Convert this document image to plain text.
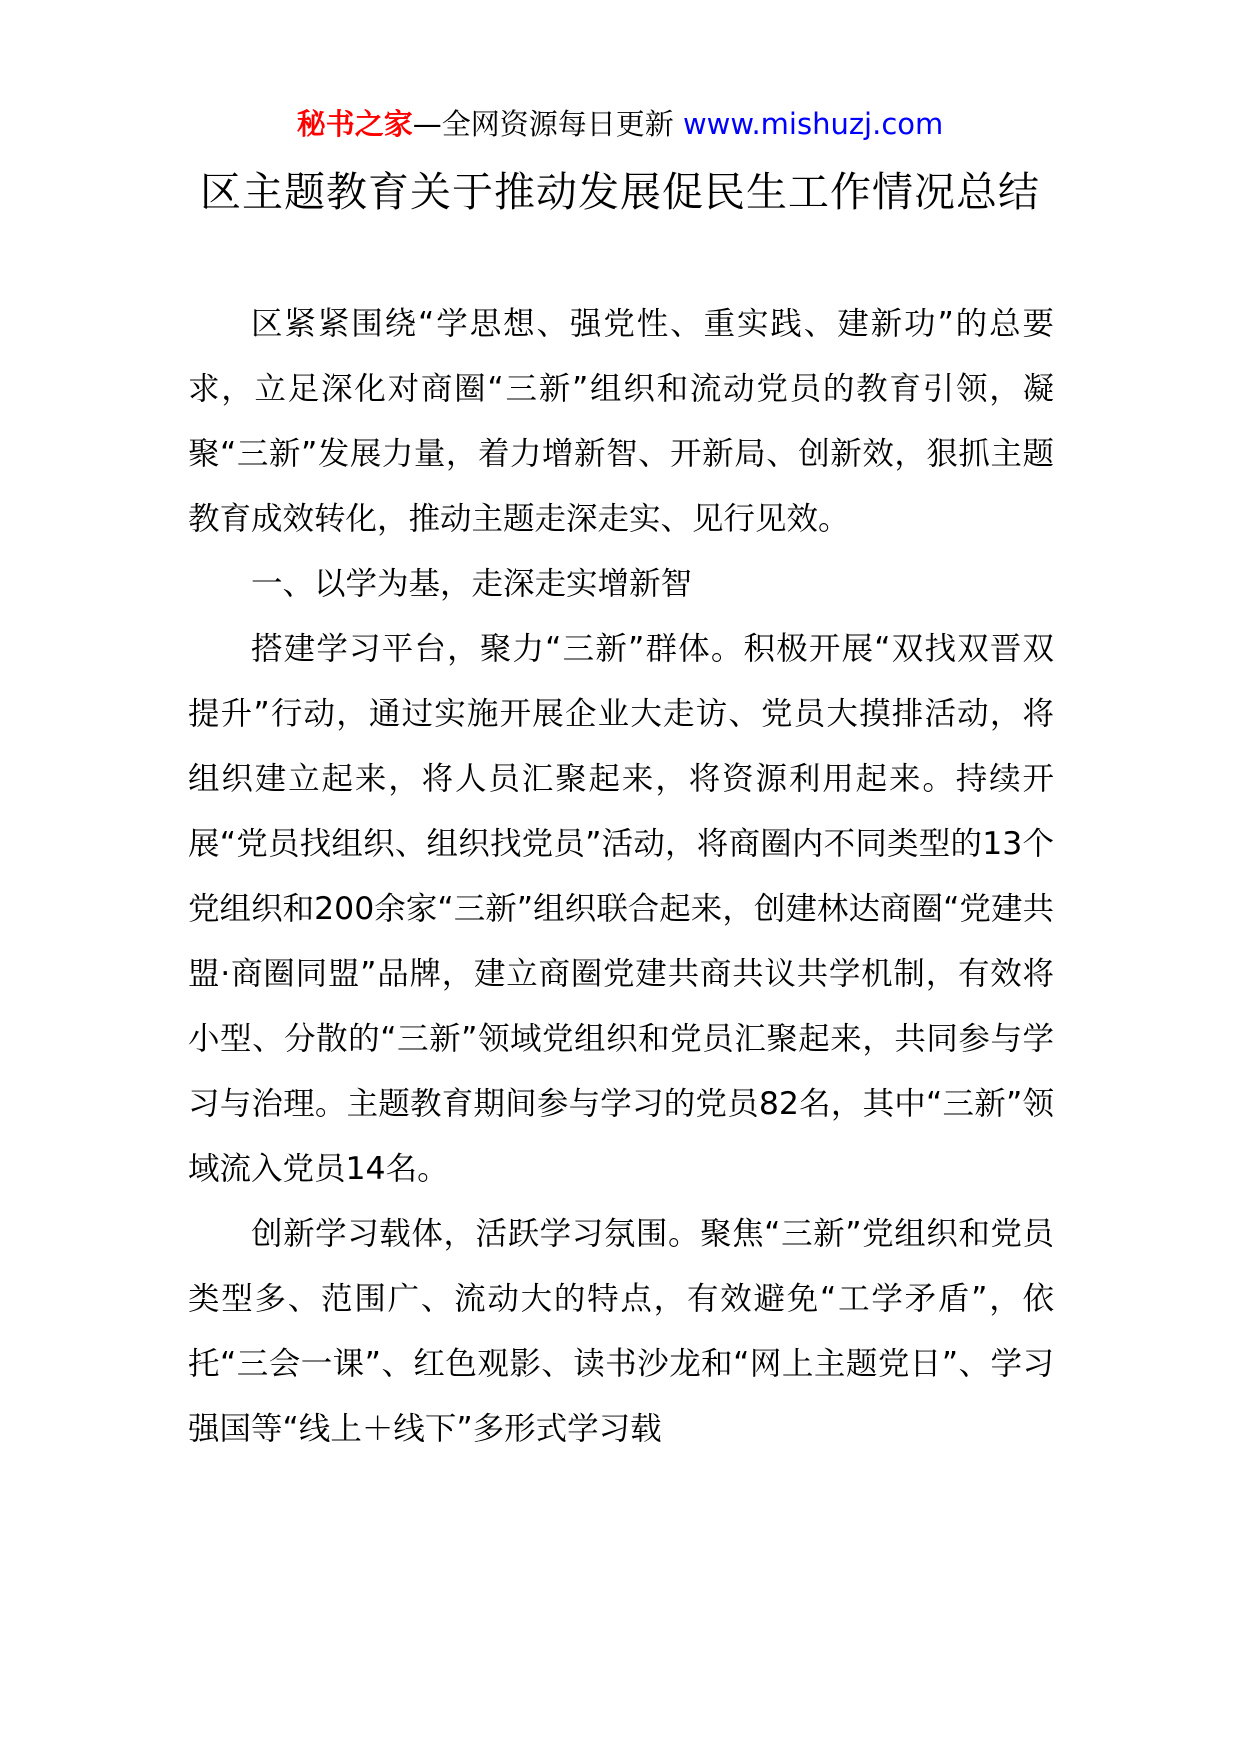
秘书之家—全网资源每日更新 www.mishuzj.com
区主题教育关于推动发展促民生工作情况总结

区紧紧围绕“学思想、强党性、重实践、建新功”的总要求，立足深化对商圈“三新”组织和流动党员的教育引领，凝聚“三新”发展力量，着力增新智、开新局、创新效，狠抓主题教育成效转化，推动主题走深走实、见行见效。

一、以学为基，走深走实增新智

搭建学习平台，聚力“三新”群体。积极开展“双找双晋双提升”行动，通过实施开展企业大走访、党员大摸排活动，将组织建立起来，将人员汇聚起来，将资源利用起来。持续开展“党员找组织、组织找党员”活动，将商圈内不同类型的13个党组织和200余家“三新”组织联合起来，创建林达商圈“党建共盟·商圈同盟”品牌，建立商圈党建共商共议共学机制，有效将小型、分散的“三新”领域党组织和党员汇聚起来，共同参与学习与治理。主题教育期间参与学习的党员82名，其中“三新”领域流入党员14名。

创新学习载体，活跃学习氛围。聚焦“三新”党组织和党员类型多、范围广、流动大的特点，有效避免“工学矛盾”，依托“三会一课”、红色观影、读书沙龙和“网上主题党日”、学习强国等“线上＋线下”多形式学习载
